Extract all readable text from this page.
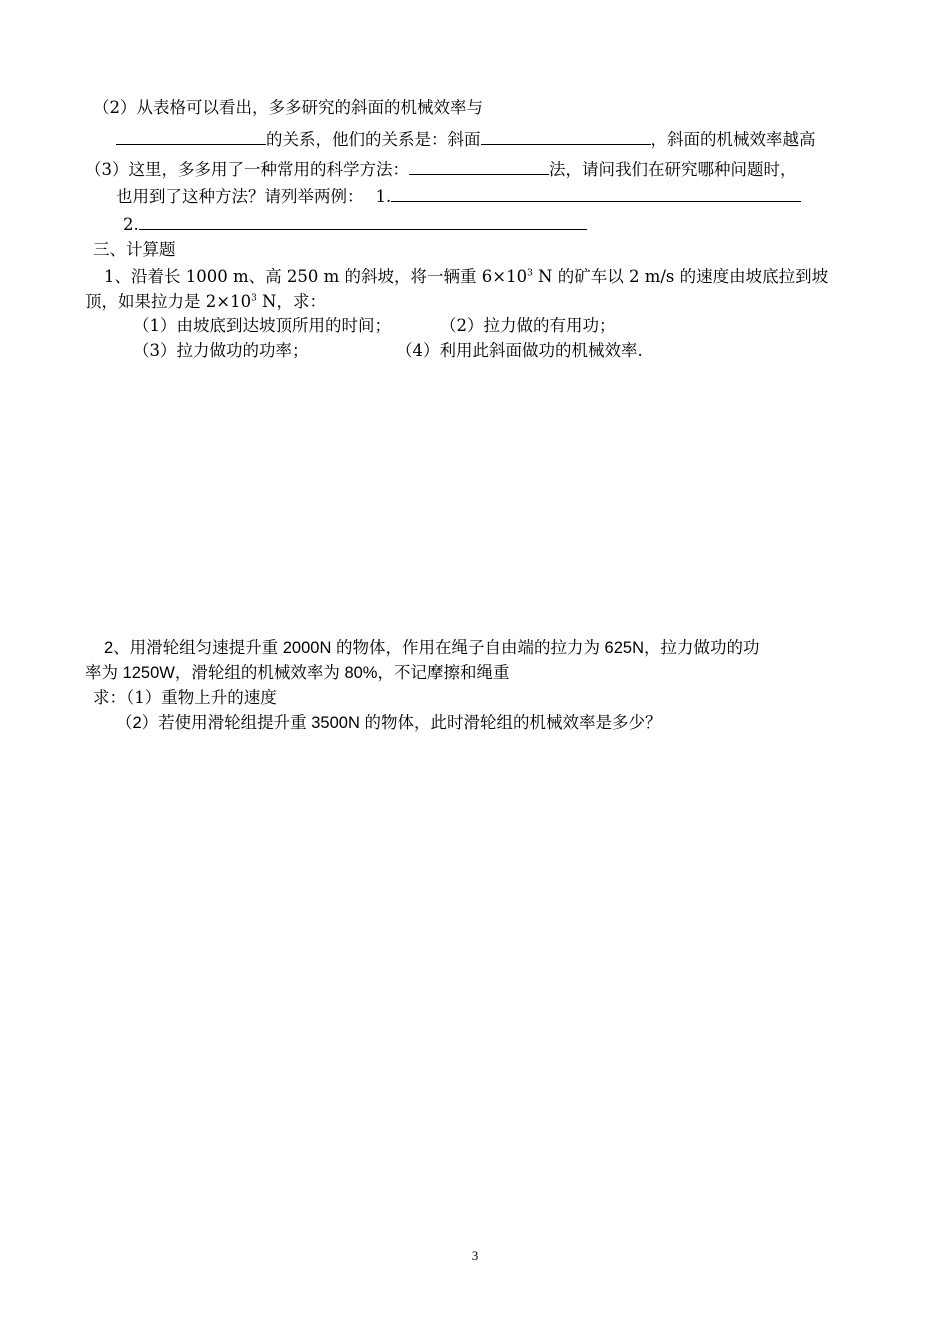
（2）从表格可以看出，多多研究的斜面的机械效率与
的关系，他们的关系是：斜面	，斜面的机械效率越高
（3）这里，多多用了一种常用的科学方法：	法，请问我们在研究哪种问题时，
也用到了这种方法？请列举两例： 1.
2.
三、计算题
1、沿着长 1000 m、高 250 m 的斜坡，将一辆重 $6\times 10^3$ N 的矿车以 2 m/s 的速度由坡底拉到坡
顶，如果拉力是 $2\times 10^3$ N，求：
（1）由坡底到达坡顶所用的时间；	（2）拉力做的有用功；
（3）拉力做功的功率；	（4）利用此斜面做功的机械效率.
2、用滑轮组匀速提升重 2000N 的物体，作用在绳子自由端的拉力为 625N，拉力做功的功
率为 1250W，滑轮组的机械效率为 80%，不记摩擦和绳重
求：（1）重物上升的速度
（2）若使用滑轮组提升重 3500N 的物体，此时滑轮组的机械效率是多少？
3
